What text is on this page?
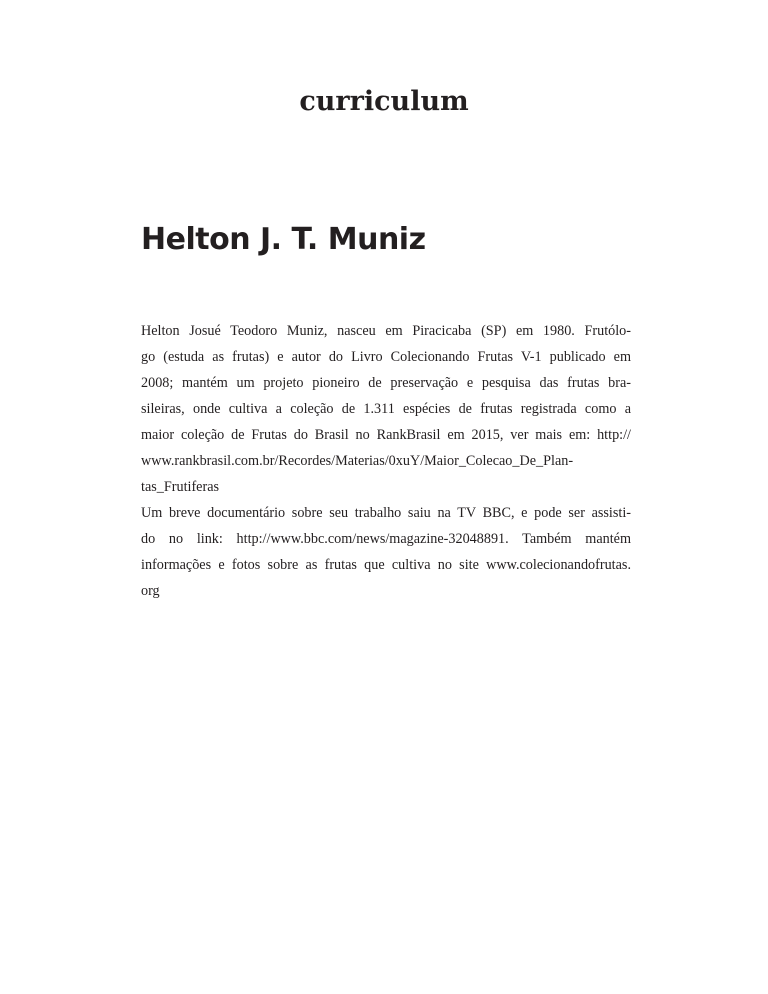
curriculum
Helton J. T. Muniz
Helton Josué Teodoro Muniz, nasceu em Piracicaba (SP) em 1980. Frutólo-
go (estuda as frutas) e autor do Livro Colecionando Frutas V-1 publicado em
2008; mantém um projeto pioneiro de preservação e pesquisa das frutas bra-
sileiras, onde cultiva a coleção de 1.311 espécies de frutas registrada como a
maior coleção de Frutas do Brasil no RankBrasil em 2015, ver mais em: http://
www.rankbrasil.com.br/Recordes/Materias/0xuY/Maior_Colecao_De_Plan-
tas_Frutiferas
Um breve documentário sobre seu trabalho saiu na TV BBC, e pode ser assisti-
do no link: http://www.bbc.com/news/magazine-32048891. Também mantém
informações e fotos sobre as frutas que cultiva no site www.colecionandofrutas.
org
